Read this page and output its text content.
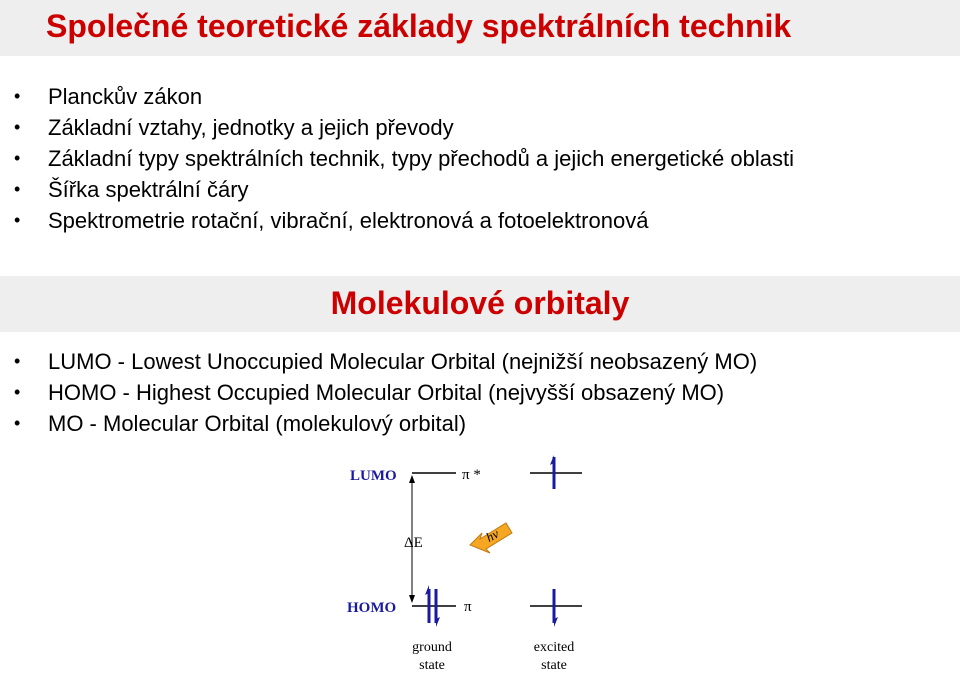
Společné teoretické základy spektrálních technik
• Planckův zákon
• Základní vztahy, jednotky a jejich převody
• Základní typy spektrálních technik, typy přechodů a jejich energetické oblasti
• Šířka spektrální čáry
• Spektrometrie rotační, vibrační, elektronová a fotoelektronová
Molekulové orbitaly
• LUMO - Lowest Unoccupied Molecular Orbital (nejnižší neobsazený MO)
• HOMO - Highest Occupied Molecular Orbital (nejvyšší obsazený MO)
• MO - Molecular Orbital (molekulový orbital)
LUMO
HOMO
π *
π
ΔE	hν
ground
state
excited
state
